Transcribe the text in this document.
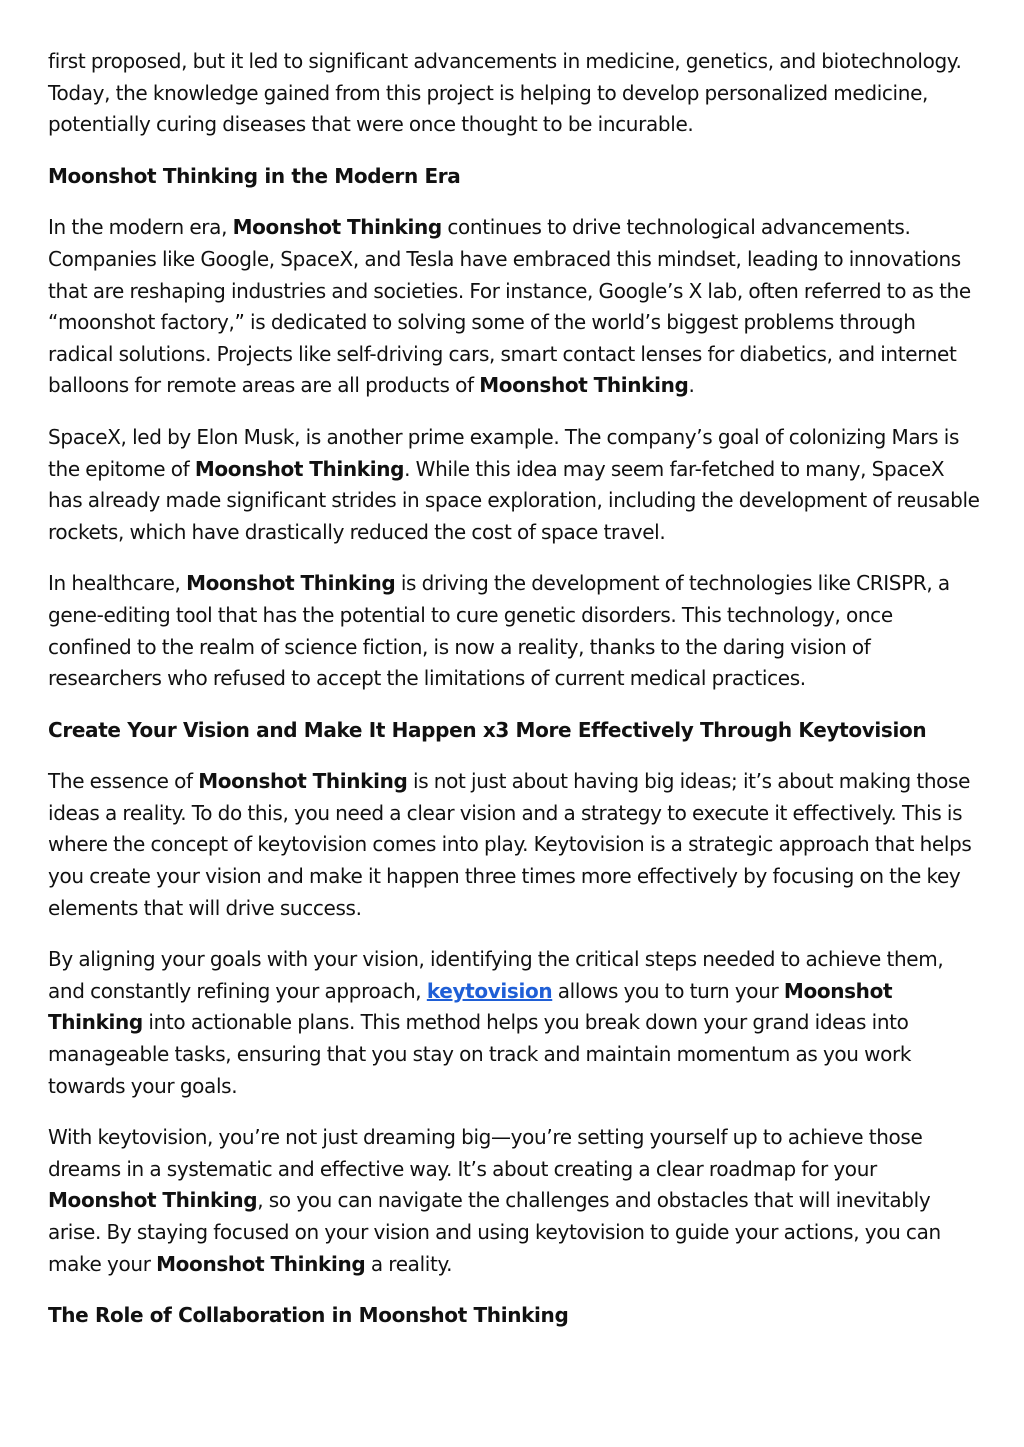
first proposed, but it led to significant advancements in medicine, genetics, and biotechnology. Today, the knowledge gained from this project is helping to develop personalized medicine, potentially curing diseases that were once thought to be incurable.

Moonshot Thinking in the Modern Era

In the modern era, Moonshot Thinking continues to drive technological advancements. Companies like Google, SpaceX, and Tesla have embraced this mindset, leading to innovations that are reshaping industries and societies. For instance, Google’s X lab, often referred to as the “moonshot factory,” is dedicated to solving some of the world’s biggest problems through radical solutions. Projects like self-driving cars, smart contact lenses for diabetics, and internet balloons for remote areas are all products of Moonshot Thinking.

SpaceX, led by Elon Musk, is another prime example. The company’s goal of colonizing Mars is the epitome of Moonshot Thinking. While this idea may seem far-fetched to many, SpaceX has already made significant strides in space exploration, including the development of reusable rockets, which have drastically reduced the cost of space travel.

In healthcare, Moonshot Thinking is driving the development of technologies like CRISPR, a gene-editing tool that has the potential to cure genetic disorders. This technology, once confined to the realm of science fiction, is now a reality, thanks to the daring vision of researchers who refused to accept the limitations of current medical practices.

Create Your Vision and Make It Happen x3 More Effectively Through Keytovision

The essence of Moonshot Thinking is not just about having big ideas; it’s about making those ideas a reality. To do this, you need a clear vision and a strategy to execute it effectively. This is where the concept of keytovision comes into play. Keytovision is a strategic approach that helps you create your vision and make it happen three times more effectively by focusing on the key elements that will drive success.

By aligning your goals with your vision, identifying the critical steps needed to achieve them, and constantly refining your approach, keytovision allows you to turn your Moonshot Thinking into actionable plans. This method helps you break down your grand ideas into manageable tasks, ensuring that you stay on track and maintain momentum as you work towards your goals.

With keytovision, you’re not just dreaming big—you’re setting yourself up to achieve those dreams in a systematic and effective way. It’s about creating a clear roadmap for your Moonshot Thinking, so you can navigate the challenges and obstacles that will inevitably arise. By staying focused on your vision and using keytovision to guide your actions, you can make your Moonshot Thinking a reality.

The Role of Collaboration in Moonshot Thinking
